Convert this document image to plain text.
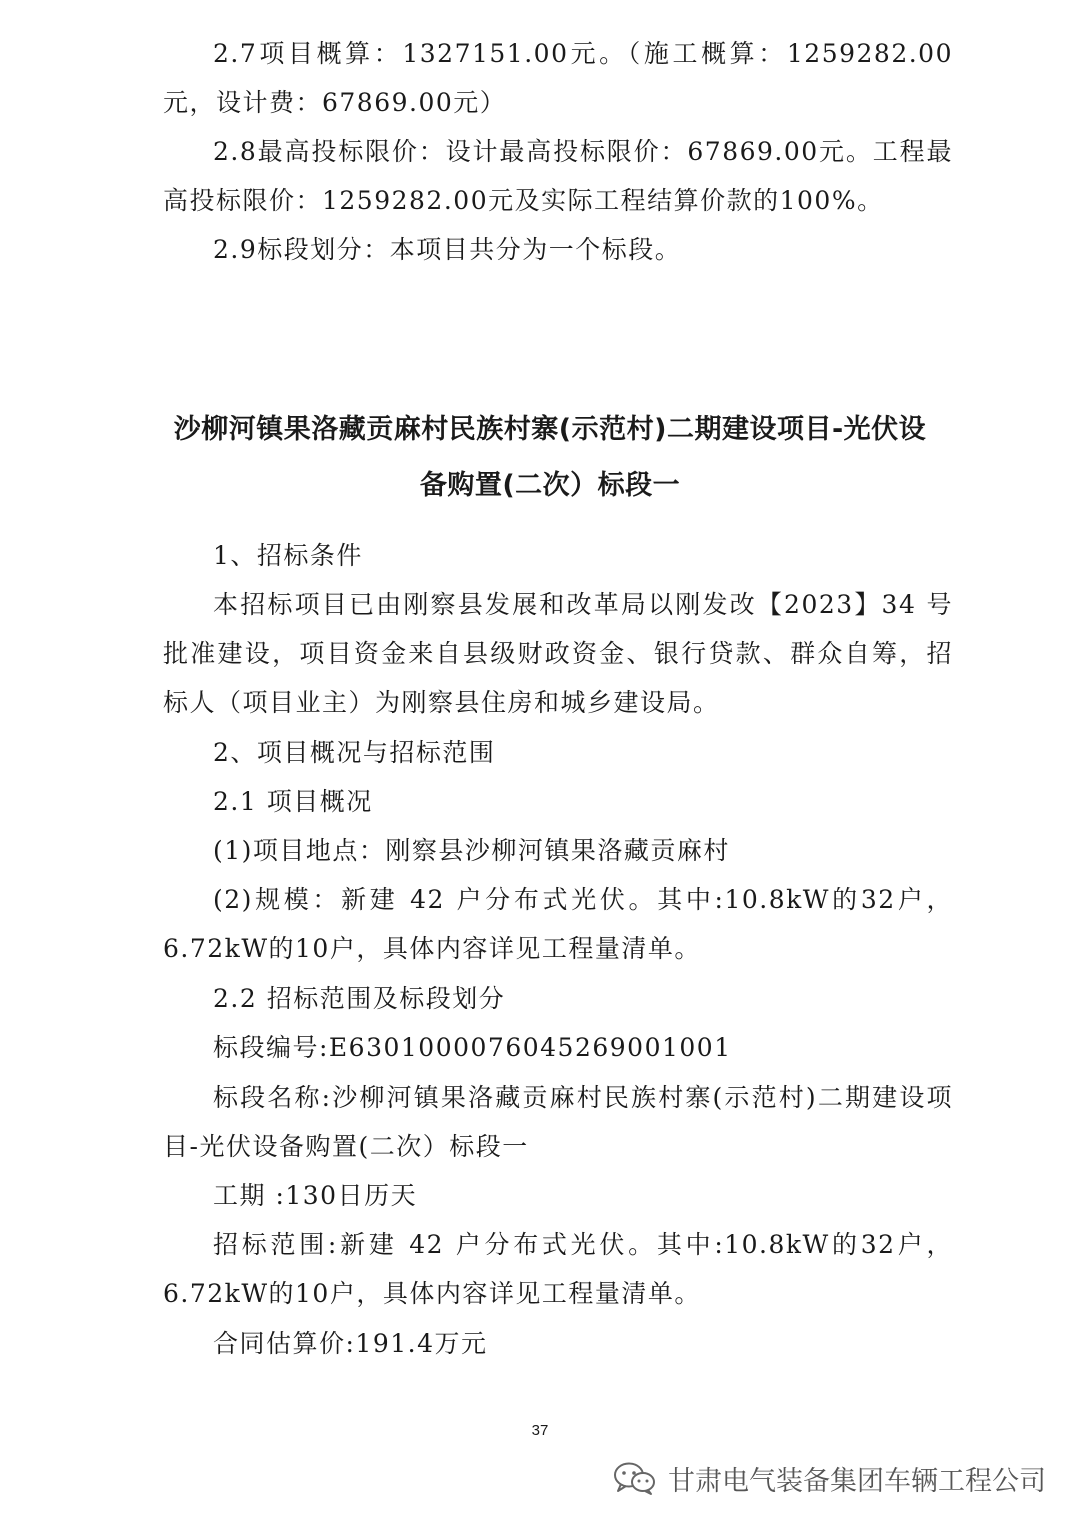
2.7项目概算：1327151.00元。（施工概算：1259282.00元，设计费：67869.00元）

2.8最高投标限价：设计最高投标限价：67869.00元。工程最高投标限价：1259282.00元及实际工程结算价款的100%。

2.9标段划分：本项目共分为一个标段。

沙柳河镇果洛藏贡麻村民族村寨(示范村)二期建设项目-光伏设
备购置(二次）标段一

1、招标条件

本招标项目已由刚察县发展和改革局以刚发改【2023】34 号批准建设，项目资金来自县级财政资金、银行贷款、群众自筹，招标人（项目业主）为刚察县住房和城乡建设局。

2、项目概况与招标范围

2.1 项目概况

(1)项目地点：刚察县沙柳河镇果洛藏贡麻村

(2)规模：新建 42 户分布式光伏。其中:10.8kW的32户，6.72kW的10户，具体内容详见工程量清单。

2.2 招标范围及标段划分

标段编号:E6301000076045269001001

标段名称:沙柳河镇果洛藏贡麻村民族村寨(示范村)二期建设项目-光伏设备购置(二次）标段一

工期 :130日历天

招标范围:新建 42 户分布式光伏。其中:10.8kW的32户，6.72kW的10户，具体内容详见工程量清单。

合同估算价:191.4万元

37
甘肃电气装备集团车辆工程公司
